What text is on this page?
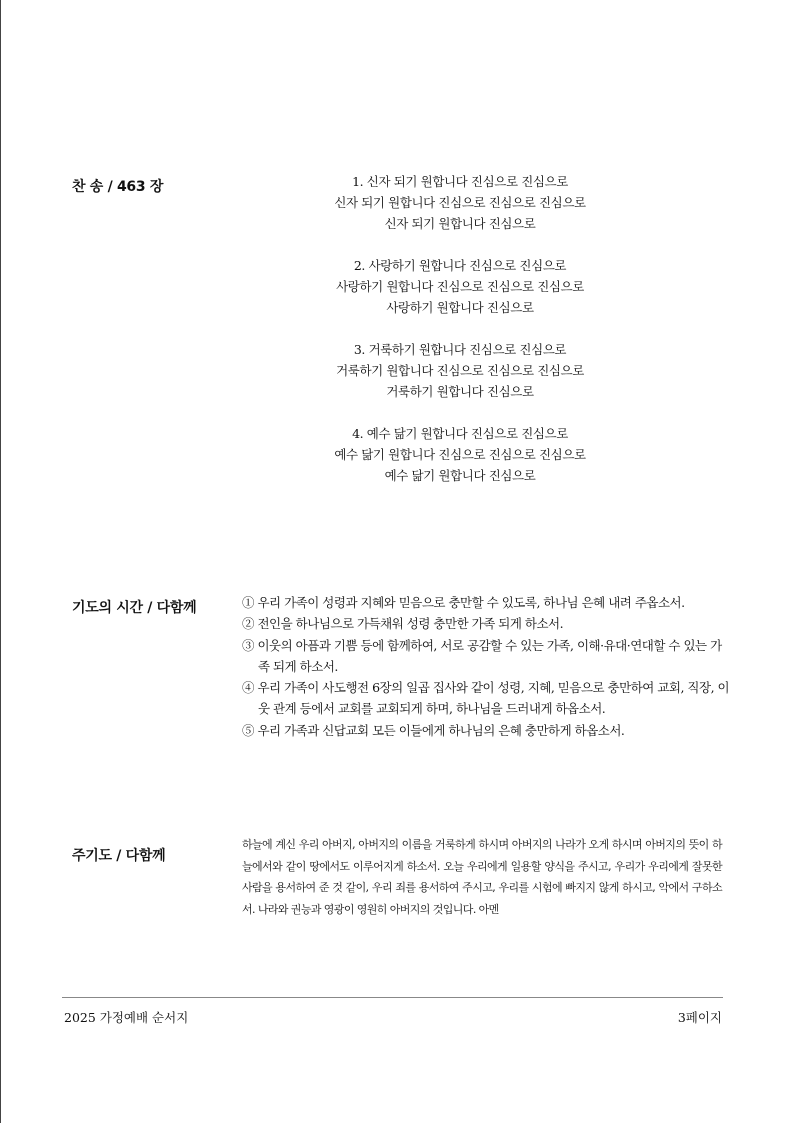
찬 송 / 463 장	1. 신자 되기 원합니다 진심으로 진심으로
신자 되기 원합니다 진심으로 진심으로 진심으로
신자 되기 원합니다 진심으로
2. 사랑하기 원합니다 진심으로 진심으로
사랑하기 원합니다 진심으로 진심으로 진심으로
사랑하기 원합니다 진심으로
3. 거룩하기 원합니다 진심으로 진심으로
거룩하기 원합니다 진심으로 진심으로 진심으로
거룩하기 원합니다 진심으로
4. 예수 닮기 원합니다 진심으로 진심으로
예수 닮기 원합니다 진심으로 진심으로 진심으로
예수 닮기 원합니다 진심으로
기도의 시간 / 다함께	① 우리 가족이 성령과 지혜와 믿음으로 충만할 수 있도록, 하나님 은혜 내려 주옵소서.
② 전인을 하나님으로 가득채워 성령 충만한 가족 되게 하소서.
③ 이웃의 아픔과 기쁨 등에 함께하여, 서로 공감할 수 있는 가족, 이해·유대·연대할 수 있는 가족 되게 하소서.
④ 우리 가족이 사도행전 6장의 일곱 집사와 같이 성령, 지혜, 믿음으로 충만하여 교회, 직장, 이웃 관계 등에서 교회를 교회되게 하며, 하나님을 드러내게 하옵소서.
⑤ 우리 가족과 신답교회 모든 이들에게 하나님의 은혜 충만하게 하옵소서.
주기도 / 다함께
하늘에 계신 우리 아버지, 아버지의 이름을 거룩하게 하시며 아버지의 나라가 오게 하시며 아버지의 뜻이 하늘에서와 같이 땅에서도 이루어지게 하소서. 오늘 우리에게 일용할 양식을 주시고, 우리가 우리에게 잘못한 사람을 용서하여 준 것 같이, 우리 죄를 용서하여 주시고, 우리를 시험에 빠지지 않게 하시고, 악에서 구하소서. 나라와 권능과 영광이 영원히 아버지의 것입니다. 아멘
2025 가정예배 순서지	3페이지
